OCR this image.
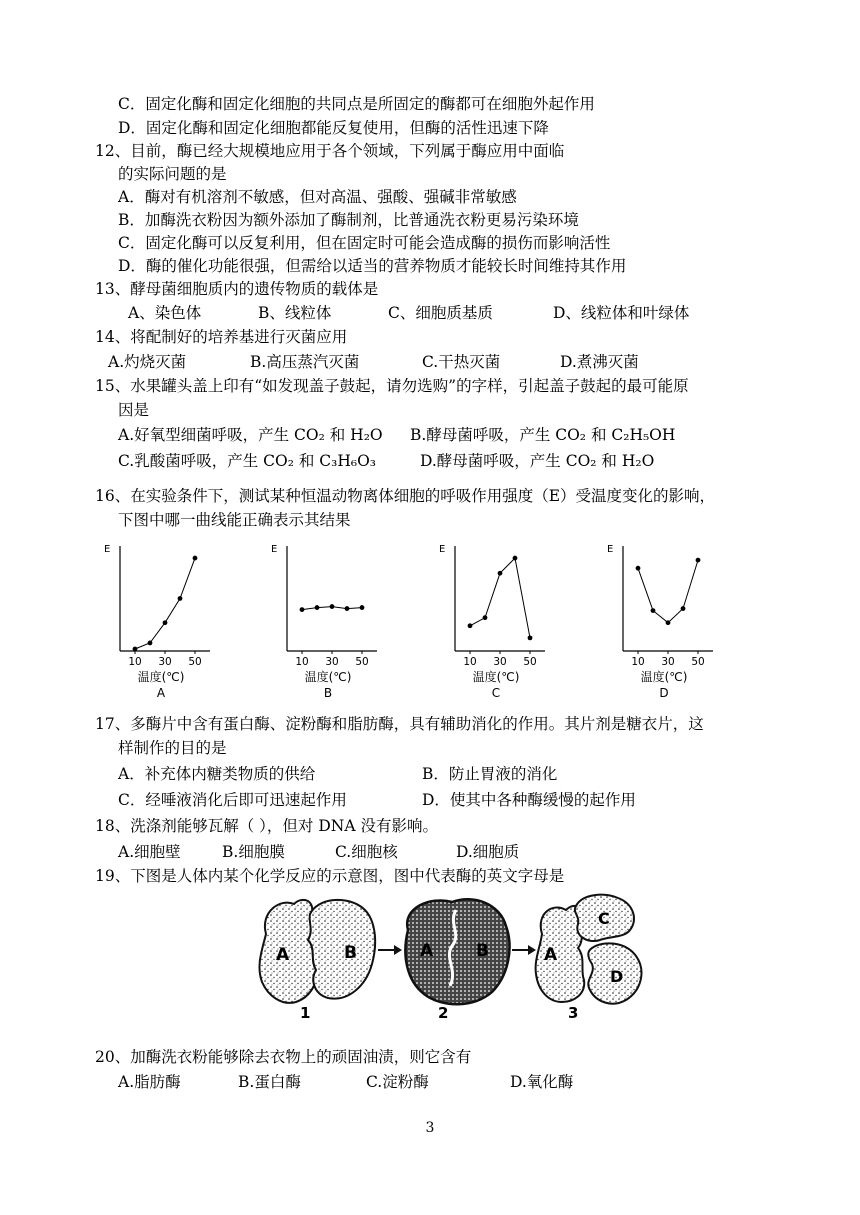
C．固定化酶和固定化细胞的共同点是所固定的酶都可在细胞外起作用
D．固定化酶和固定化细胞都能反复使用，但酶的活性迅速下降
12、目前，酶已经大规模地应用于各个领域，下列属于酶应用中面临
的实际问题的是
A．酶对有机溶剂不敏感，但对高温、强酸、强碱非常敏感
B．加酶洗衣粉因为额外添加了酶制剂，比普通洗衣粉更易污染环境
C．固定化酶可以反复利用，但在固定时可能会造成酶的损伤而影响活性
D．酶的催化功能很强，但需给以适当的营养物质才能较长时间维持其作用
13、酵母菌细胞质内的遗传物质的载体是
A、染色体	B、线粒体	C、细胞质基质	D、线粒体和叶绿体
14、将配制好的培养基进行灭菌应用
A.灼烧灭菌	B.高压蒸汽灭菌	C.干热灭菌	D.煮沸灭菌
15、水果罐头盖上印有“如发现盖子鼓起，请勿选购”的字样，引起盖子鼓起的最可能原
因是
A.好氧型细菌呼吸，产生 CO₂ 和 H₂O B.酵母菌呼吸，产生 CO₂ 和 C₂H₅OH
C.乳酸菌呼吸，产生 CO₂ 和 C₃H₆O₃	D.酵母菌呼吸，产生 CO₂ 和 H₂O
16、在实验条件下，测试某种恒温动物离体细胞的呼吸作用强度（E）受温度变化的影响，
下图中哪一曲线能正确表示其结果
E
10 30 50
温度(℃)
A
E
10 30 50
温度(℃)
B
E
10 30 50
温度(℃)
C
E
10 30 50
温度(℃)
D
17、多酶片中含有蛋白酶、淀粉酶和脂肪酶，具有辅助消化的作用。其片剂是糖衣片，这
样制作的目的是
A．补充体内糖类物质的供给	B．防止胃液的消化
C．经唾液消化后即可迅速起作用	D．使其中各种酶缓慢的起作用
18、洗涤剂能够瓦解（ ），但对 DNA 没有影响。
A.细胞壁	B.细胞膜	C.细胞核	D.细胞质
19、下图是人体内某个化学反应的示意图，图中代表酶的英文字母是
A	B	A	B	A
C
D
1	2	3
20、加酶洗衣粉能够除去衣物上的顽固油渍，则它含有
A.脂肪酶	B.蛋白酶	C.淀粉酶	D.氧化酶
3
